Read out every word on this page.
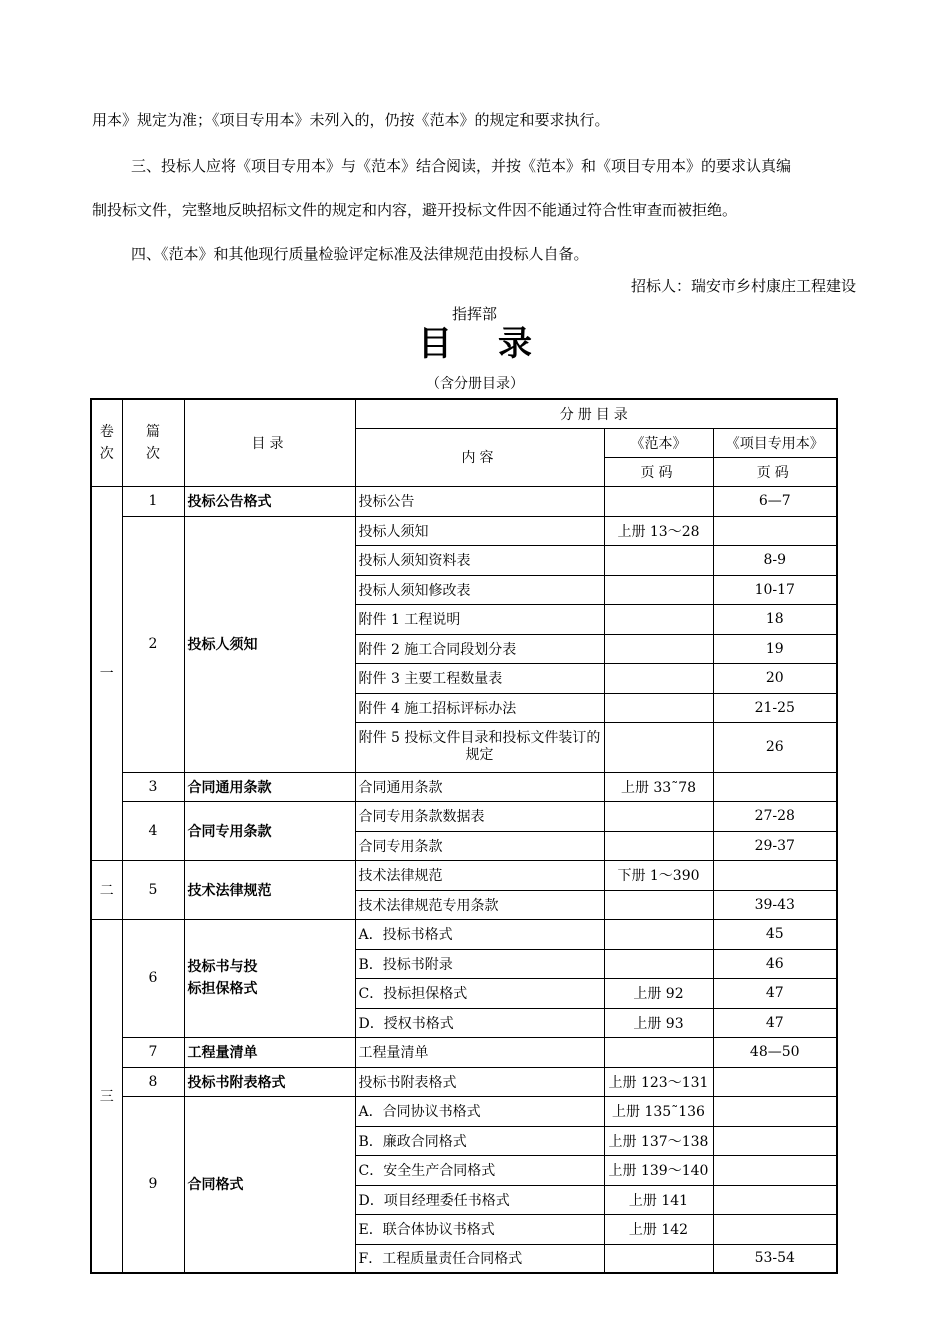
用本》规定为准；《项目专用本》未列入的，仍按《范本》的规定和要求执行。
三、投标人应将《项目专用本》与《范本》结合阅读，并按《范本》和《项目专用本》的要求认真编
制投标文件，完整地反映招标文件的规定和内容，避开投标文件因不能通过符合性审查而被拒绝。
四、《范本》和其他现行质量检验评定标准及法律规范由投标人自备。
招标人：瑞安市乡村康庄工程建设
指挥部
目录
（含分册目录）
卷次	篇次	目录	分册目录		
			内容	《范本》	《项目专用本》
				页码	页码
一	1	投标公告格式	投标公告		6—7
	2	投标人须知	投标人须知	上册 13～28	
			投标人须知资料表		8-9
			投标人须知修改表		10-17
			附件 1 工程说明		18
			附件 2 施工合同段划分表		19
			附件 3 主要工程数量表		20
			附件 4 施工招标评标办法		21-25
			附件 5 投标文件目录和投标文件装订的规定		26
	3	合同通用条款	合同通用条款	上册 33˜78	
	4	合同专用条款	合同专用条款数据表		27-28
			合同专用条款		29-37
二	5	技术法律规范	技术法律规范	下册 1～390	
			技术法律规范专用条款		39-43
三	6	投标书与投标担保格式	A．投标书格式		45
			B．投标书附录		46
			C．投标担保格式	上册 92	47
			D．授权书格式	上册 93	47
	7	工程量清单	工程量清单		48—50
	8	投标书附表格式	投标书附表格式	上册 123～131	
	9	合同格式	A．合同协议书格式	上册 135˜136	
			B．廉政合同格式	上册 137～138	
			C．安全生产合同格式	上册 139～140	
			D．项目经理委任书格式	上册 141	
			E．联合体协议书格式	上册 142	
			F．工程质量责任合同格式		53-54
